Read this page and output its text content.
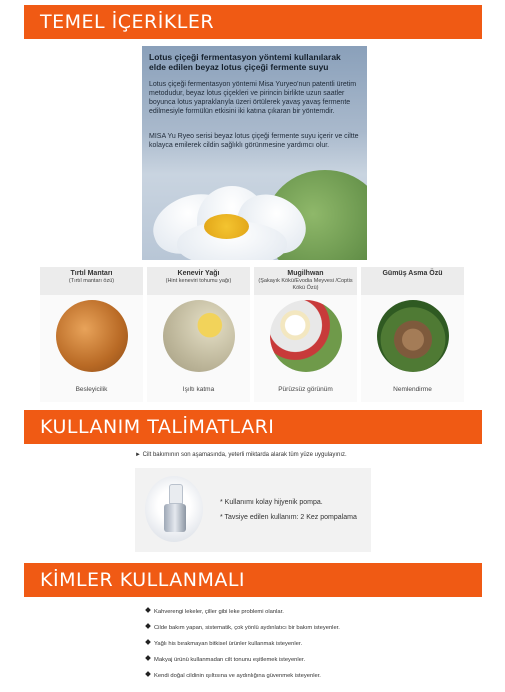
TEMEL İÇERİKLER
Lotus çiçeği fermentasyon yöntemi kullanılarak elde edilen beyaz lotus çiçeği fermente suyu
Lotus çiçeği fermentasyon yöntemi Misa Yuryeo'nun patentli üretim metodudur, beyaz lotus çiçekleri ve pirincin birlikte uzun saatler boyunca lotus yapraklarıyla üzeri örtülerek yavaş yavaş fermente edilmesiyle formülün etkisini iki katına çıkaran bir yöntemdir.
MISA Yu Ryeo serisi beyaz lotus çiçeği fermente suyu içerir ve ciltte kolayca emilerek cildin sağlıklı görünmesine yardımcı olur.
Tırtıl Mantarı
(Tırtıl mantarı özü)
Besleyicilik
Kenevir Yağı
(Hint keneviri tohumu yağı)
Işıltı katma
Mugilhwan
(Şakayık Kökü/Evodia Meyvesi /Coptis Kökü Özü)
Pürüzsüz görünüm
Gümüş Asma Özü
Nemlendirme
KULLANIM TALİMATLARI
► Cilt bakımının son aşamasında, yeterli miktarda alarak tüm yüze uygulayınız.
* Kullanımı kolay hijyenik pompa.
* Tavsiye edilen kullanım: 2 Kez pompalama
KİMLER KULLANMALI
Kahverengi lekeler, çiller gibi leke problemi olanlar.
Cilde bakım yapan, sistematik, çok yönlü aydınlatıcı bir bakım isteyenler.
Yağlı his bırakmayan bitkisel ürünler kullanmak isteyenler.
Makyaj ürünü kullanmadan cilt tonunu eşitlemek isteyenler.
Kendi doğal cildinin ışıltısına ve aydınlığına güvenmek isteyenler.
